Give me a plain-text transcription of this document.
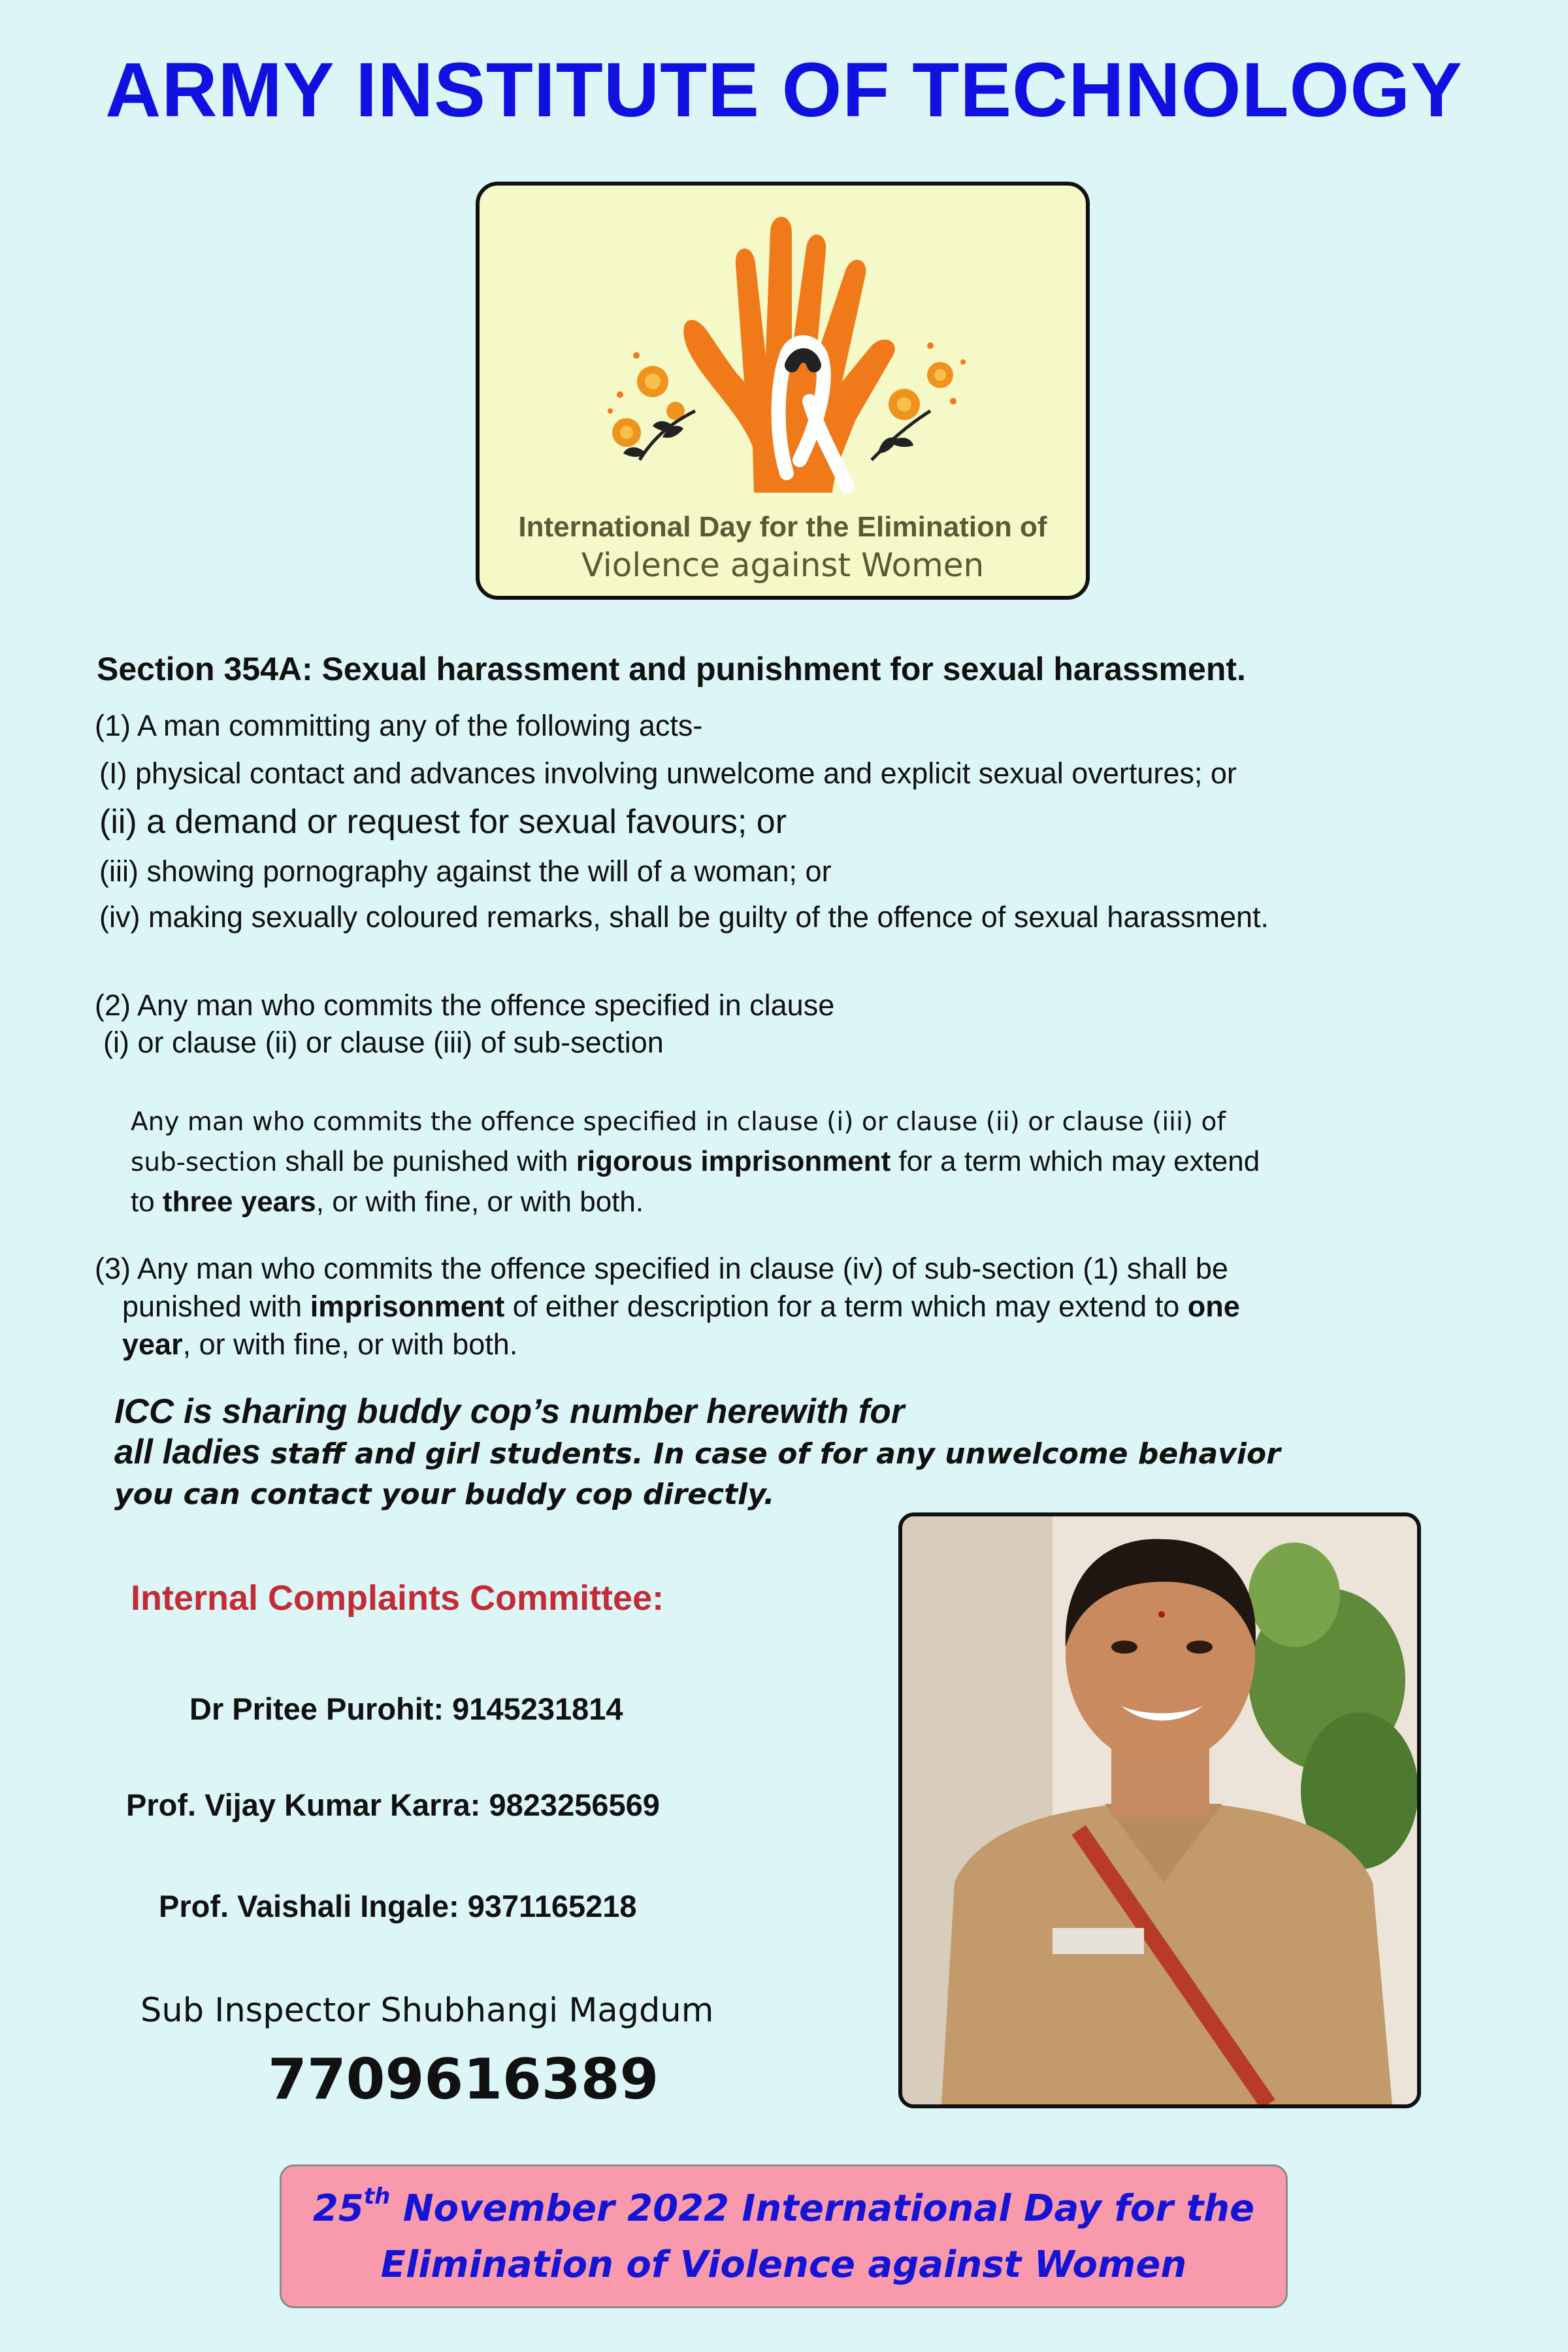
ARMY INSTITUTE OF TECHNOLOGY
International Day for the Elimination of
Violence against Women
Section 354A: Sexual harassment and punishment for sexual harassment.
(1) A man committing any of the following acts-
(I) physical contact and advances involving unwelcome and explicit sexual overtures; or
(ii) a demand or request for sexual favours; or
(iii) showing pornography against the will of a woman; or
(iv) making sexually coloured remarks, shall be guilty of the offence of sexual harassment.
(2) Any man who commits the offence specified in clause
(i) or clause (ii) or clause (iii) of sub-section
Any man who commits the offence specified in clause (i) or clause (ii) or clause (iii) of
sub-section shall be punished with rigorous imprisonment for a term which may extend
to three years, or with fine, or with both.
(3) Any man who commits the offence specified in clause (iv) of sub-section (1) shall be
punished with imprisonment of either description for a term which may extend to one
year, or with fine, or with both.
ICC is sharing buddy cop’s number herewith for
all ladies staff and girl students. In case of for any unwelcome behavior
you can contact your buddy cop directly.
Internal Complaints Committee:
Dr Pritee Purohit: 9145231814
Prof. Vijay Kumar Karra: 9823256569
Prof. Vaishali Ingale: 9371165218
Sub Inspector Shubhangi Magdum
7709616389
25th November 2022 International Day for the
Elimination of Violence against Women
